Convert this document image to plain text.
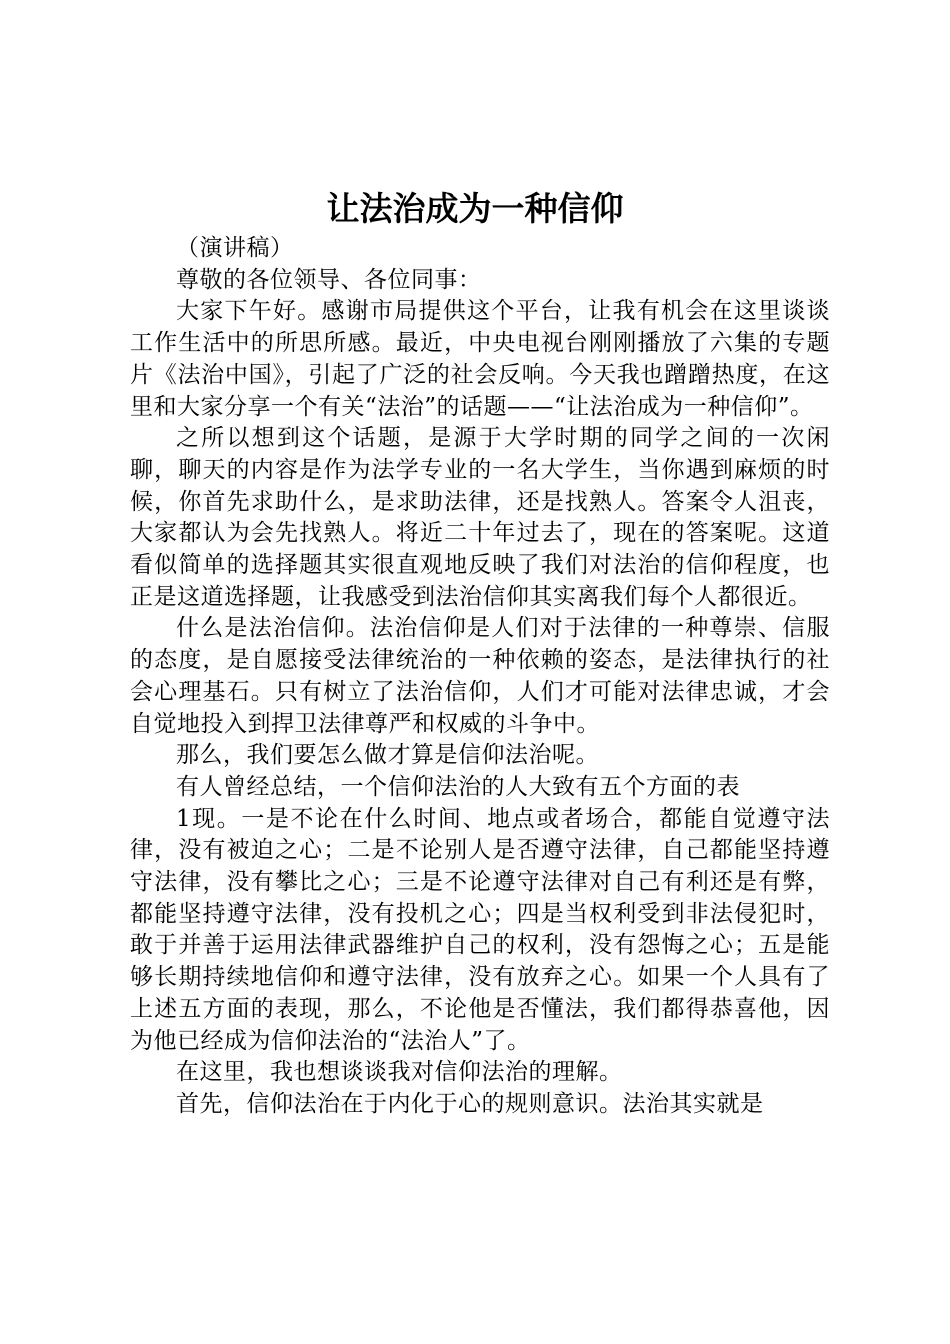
让法治成为一种信仰

（演讲稿）

尊敬的各位领导、各位同事：

大家下午好。感谢市局提供这个平台，让我有机会在这里谈谈工作生活中的所思所感。最近，中央电视台刚刚播放了六集的专题片《法治中国》，引起了广泛的社会反响。今天我也蹭蹭热度，在这里和大家分享一个有关“法治”的话题——“让法治成为一种信仰”。

之所以想到这个话题，是源于大学时期的同学之间的一次闲聊，聊天的内容是作为法学专业的一名大学生，当你遇到麻烦的时候，你首先求助什么，是求助法律，还是找熟人。答案令人沮丧，大家都认为会先找熟人。将近二十年过去了，现在的答案呢。这道看似简单的选择题其实很直观地反映了我们对法治的信仰程度，也正是这道选择题，让我感受到法治信仰其实离我们每个人都很近。

什么是法治信仰。法治信仰是人们对于法律的一种尊崇、信服的态度，是自愿接受法律统治的一种依赖的姿态，是法律执行的社会心理基石。只有树立了法治信仰，人们才可能对法律忠诚，才会自觉地投入到捍卫法律尊严和权威的斗争中。

那么，我们要怎么做才算是信仰法治呢。

有人曾经总结，一个信仰法治的人大致有五个方面的表

1现。一是不论在什么时间、地点或者场合，都能自觉遵守法律，没有被迫之心；二是不论别人是否遵守法律，自己都能坚持遵守法律，没有攀比之心；三是不论遵守法律对自己有利还是有弊，都能坚持遵守法律，没有投机之心；四是当权利受到非法侵犯时，敢于并善于运用法律武器维护自己的权利，没有怨悔之心；五是能够长期持续地信仰和遵守法律，没有放弃之心。如果一个人具有了上述五方面的表现，那么，不论他是否懂法，我们都得恭喜他，因为他已经成为信仰法治的“法治人”了。

在这里，我也想谈谈我对信仰法治的理解。

首先，信仰法治在于内化于心的规则意识。法治其实就是
